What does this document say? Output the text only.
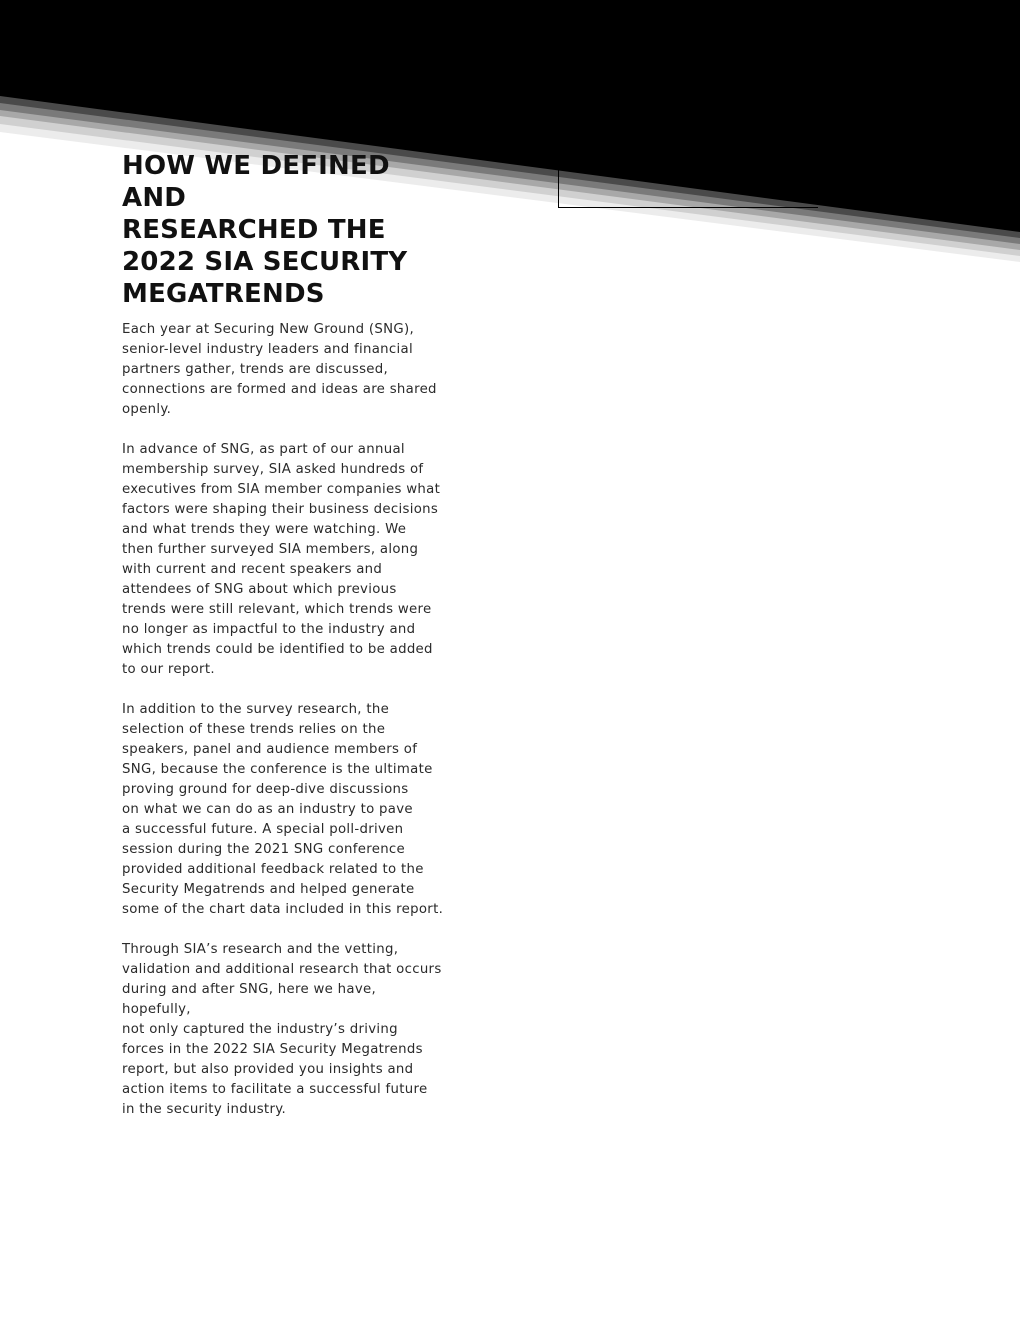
HOW WE DEFINED AND
RESEARCHED THE
2022 SIA SECURITY
MEGATRENDS

Each year at Securing New Ground (SNG),
senior-level industry leaders and financial
partners gather, trends are discussed,
connections are formed and ideas are shared
openly.

In advance of SNG, as part of our annual
membership survey, SIA asked hundreds of
executives from SIA member companies what
factors were shaping their business decisions
and what trends they were watching. We
then further surveyed SIA members, along
with current and recent speakers and
attendees of SNG about which previous
trends were still relevant, which trends were
no longer as impactful to the industry and
which trends could be identified to be added
to our report.

In addition to the survey research, the
selection of these trends relies on the
speakers, panel and audience members of
SNG, because the conference is the ultimate
proving ground for deep-dive discussions
on what we can do as an industry to pave
a successful future. A special poll-driven
session during the 2021 SNG conference
provided additional feedback related to the
Security Megatrends and helped generate
some of the chart data included in this report.

Through SIA’s research and the vetting,
validation and additional research that occurs
during and after SNG, here we have, hopefully,
not only captured the industry’s driving
forces in the 2022 SIA Security Megatrends
report, but also provided you insights and
action items to facilitate a successful future
in the security industry.
